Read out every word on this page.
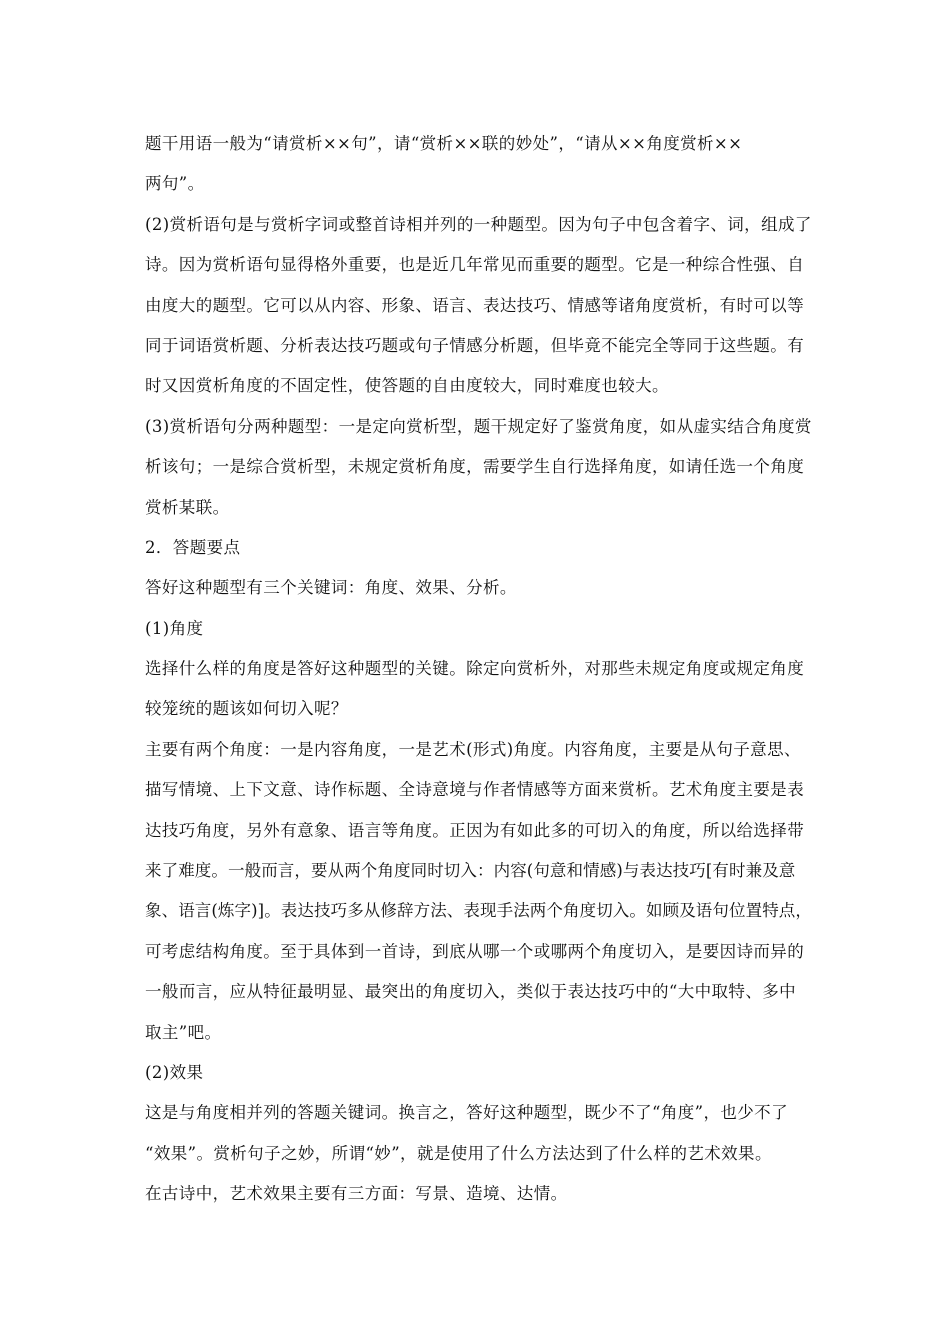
题干用语一般为“请赏析××句”，请“赏析××联的妙处”，“请从××角度赏析××
两句”。
(2)赏析语句是与赏析字词或整首诗相并列的一种题型。因为句子中包含着字、词，组成了
诗。因为赏析语句显得格外重要，也是近几年常见而重要的题型。它是一种综合性强、自
由度大的题型。它可以从内容、形象、语言、表达技巧、情感等诸角度赏析，有时可以等
同于词语赏析题、分析表达技巧题或句子情感分析题，但毕竟不能完全等同于这些题。有
时又因赏析角度的不固定性，使答题的自由度较大，同时难度也较大。
(3)赏析语句分两种题型：一是定向赏析型，题干规定好了鉴赏角度，如从虚实结合角度赏
析该句；一是综合赏析型，未规定赏析角度，需要学生自行选择角度，如请任选一个角度
赏析某联。
2．答题要点
答好这种题型有三个关键词：角度、效果、分析。
(1)角度
选择什么样的角度是答好这种题型的关键。除定向赏析外，对那些未规定角度或规定角度
较笼统的题该如何切入呢？
主要有两个角度：一是内容角度，一是艺术(形式)角度。内容角度，主要是从句子意思、
描写情境、上下文意、诗作标题、全诗意境与作者情感等方面来赏析。艺术角度主要是表
达技巧角度，另外有意象、语言等角度。正因为有如此多的可切入的角度，所以给选择带
来了难度。一般而言，要从两个角度同时切入：内容(句意和情感)与表达技巧[有时兼及意
象、语言(炼字)]。表达技巧多从修辞方法、表现手法两个角度切入。如顾及语句位置特点，
可考虑结构角度。至于具体到一首诗，到底从哪一个或哪两个角度切入，是要因诗而异的
一般而言，应从特征最明显、最突出的角度切入，类似于表达技巧中的“大中取特、多中
取主”吧。
(2)效果
这是与角度相并列的答题关键词。换言之，答好这种题型，既少不了“角度”，也少不了
“效果”。赏析句子之妙，所谓“妙”，就是使用了什么方法达到了什么样的艺术效果。
在古诗中，艺术效果主要有三方面：写景、造境、达情。
